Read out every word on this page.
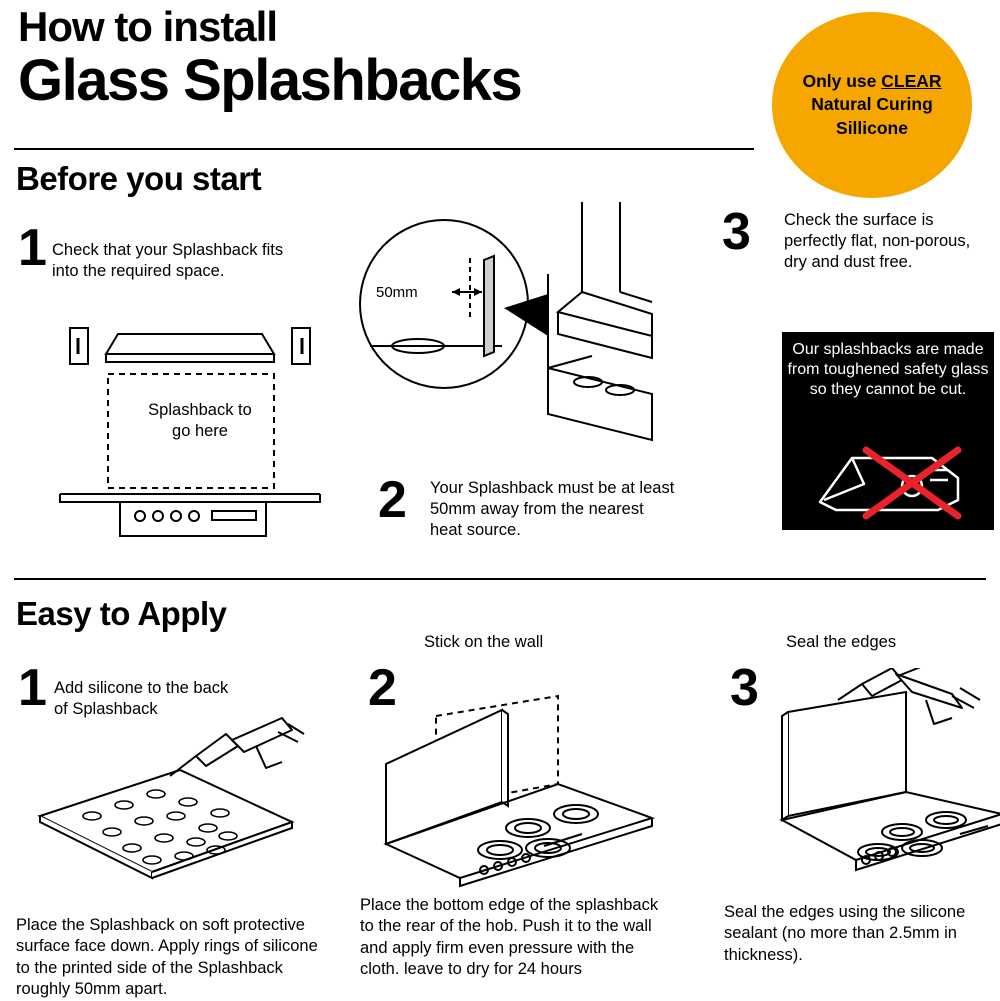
How to install
Glass Splashbacks	Only use CLEAR
Natural Curing
Sillicone
Before you start
1 Check that your Splashback fits into the required space.
Splashback to
go here
50mm
2 Your Splashback must be at least 50mm away from the nearest heat source.
3 Check the surface is perfectly flat, non-porous, dry and dust free.
Our splashbacks are made from toughened safety glass so they cannot be cut.
Easy to Apply
1 Add silicone to the back of Splashback
Place the Splashback on soft protective surface face down. Apply rings of silicone to the printed side of the Splashback roughly 50mm apart.
2
Stick on the wall
Place the bottom edge of the splashback to the rear of the hob. Push it to the wall and apply firm even pressure with the cloth. leave to dry for 24 hours
3
Seal the edges
Seal the edges using the silicone sealant (no more than 2.5mm in thickness).
